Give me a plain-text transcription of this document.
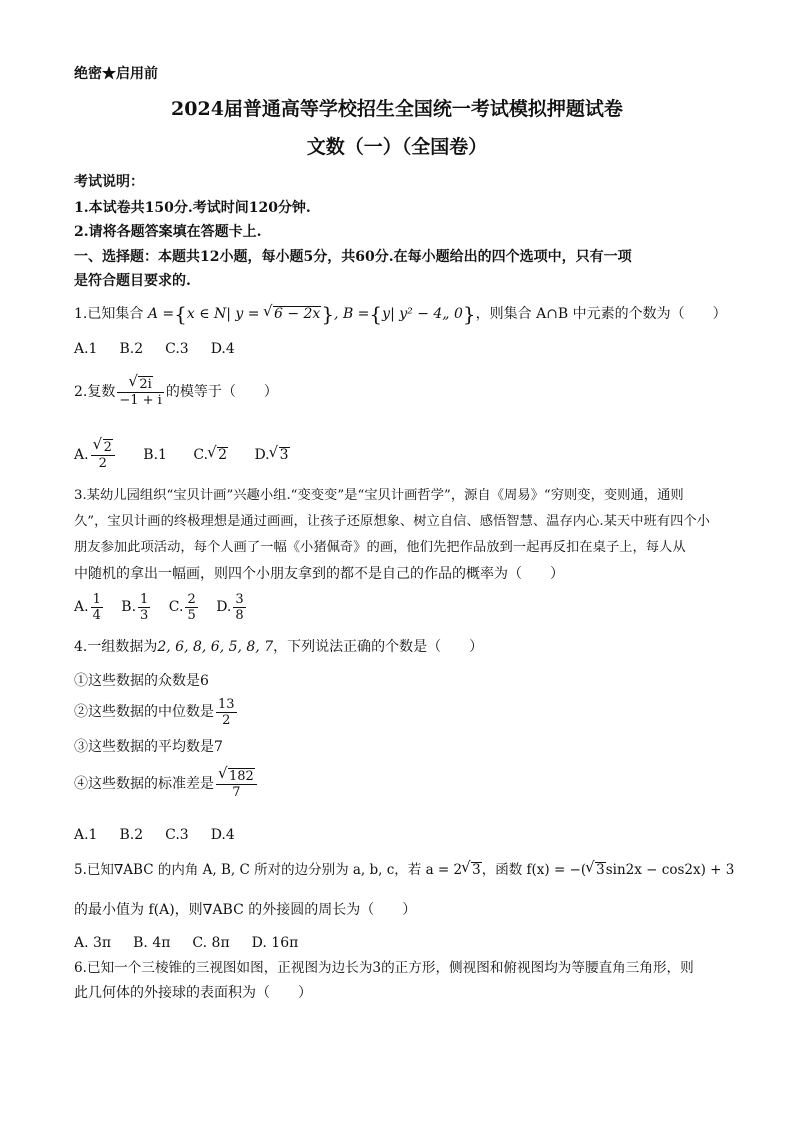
绝密★启用前
2024届普通高等学校招生全国统一考试模拟押题试卷
文数（一）（全国卷）
考试说明：
1.本试卷共150分.考试时间120分钟.
2.请将各题答案填在答题卡上.
一、选择题：本题共12小题，每小题5分，共60分.在每小题给出的四个选项中，只有一项
是符合题目要求的.
1.已知集合 A ={x ∈ N| y = √ 6 − 2x}, B ={y| y² − 4„ 0}，则集合 A∩B 中元素的个数为（　　）
A.1 B.2 C.3 D.4
2.复数 √ $\frac{2i}{-1 + i}$ 的模等于（　　）
A. √ $\frac{2}{2} B.1$ C. √ 2 D. √ 3
3.某幼儿园组织“宝贝计画”兴趣小组.“变变变”是“宝贝计画哲学”，源自《周易》“穷则变，变则通，通则
久”，宝贝计画的终极理想是通过画画，让孩子还原想象、树立自信、感悟智慧、温存内心.某天中班有四个小
朋友参加此项活动，每个人画了一幅《小猪佩奇》的画，他们先把作品放到一起再反扣在桌子上，每人从
中随机的拿出一幅画，则四个小朋友拿到的都不是自己的作品的概率为（　　）
A. $\frac{1}{4} B$. $\frac{1}{3} C$. $\frac{2}{5} D$. $\frac{3}{8}$
4.一组数据为2, 6, 8, 6, 5, 8, 7，下列说法正确的个数是（　　）
①这些数据的众数是6
②这些数据的中位数是 $\frac{13}{2}$
③这些数据的平均数是7
④这些数据的标准差是 √ $\frac{182}{7}$
A.1 B.2 C.3 D.4
5.已知∇ABC 的内角 A, B, C 所对的边分别为 a, b, c，若 a = 2 √ 3，函数 f(x) = −( √ 3sin2x − cos2x) + 3
的最小值为 f(A)，则∇ABC 的外接圆的周长为（　　）
A. 3π B. 4π C. 8π D. 16π
6.已知一个三棱锥的三视图如图，正视图为边长为3的正方形，侧视图和俯视图均为等腰直角三角形，则
此几何体的外接球的表面积为（　　）
